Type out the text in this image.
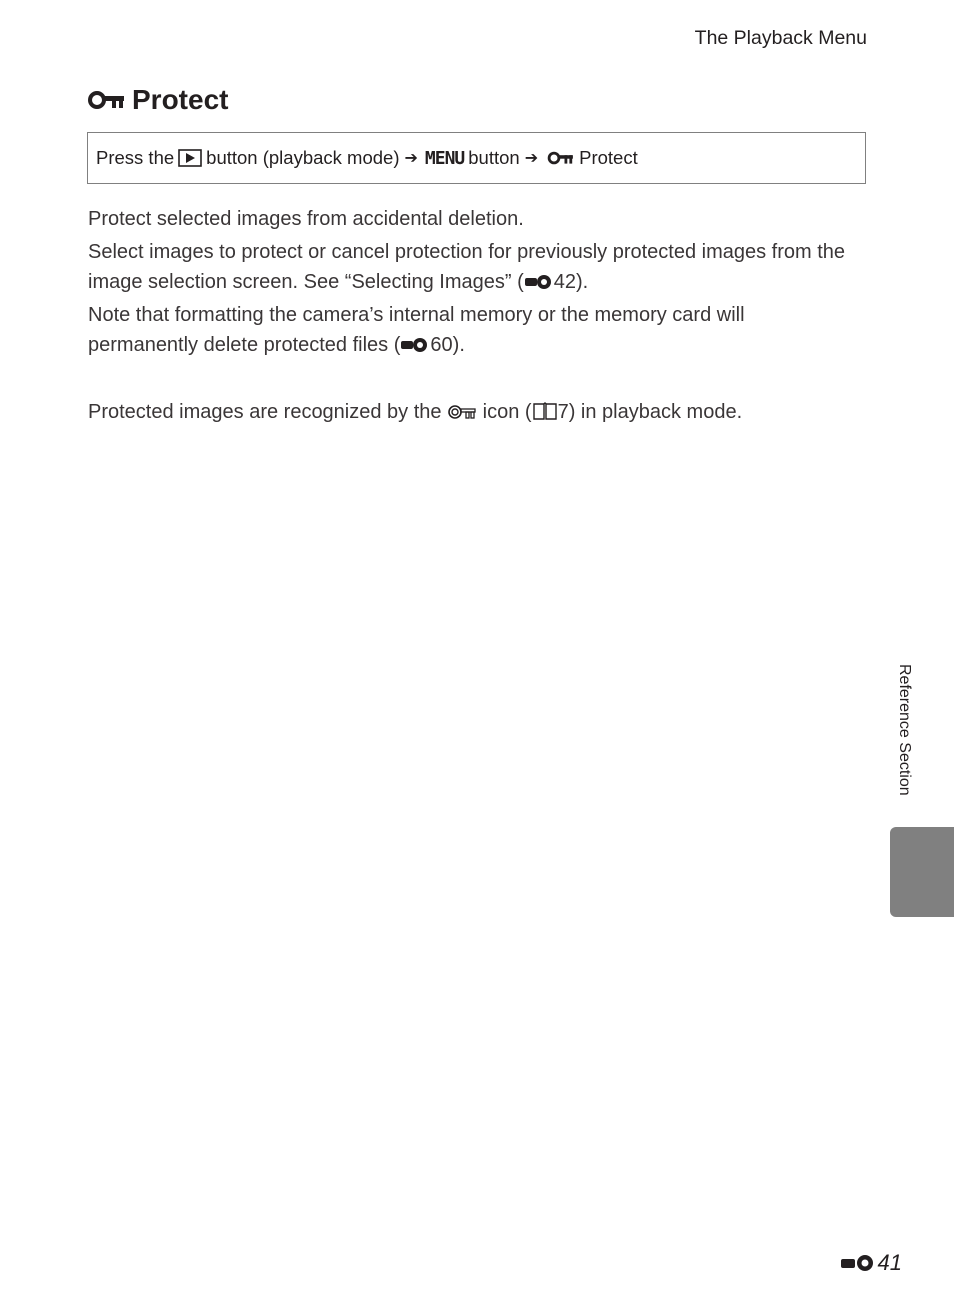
The Playback Menu
Protect
Press the button (playback mode) ➔ MENU button ➔ Protect
Protect selected images from accidental deletion.
Select images to protect or cancel protection for previously protected images from the image selection screen. See “Selecting Images” ( 42).
Note that formatting the camera’s internal memory or the memory card will permanently delete protected files ( 60).
Protected images are recognized by the icon ( 7) in playback mode.
Reference Section
41
